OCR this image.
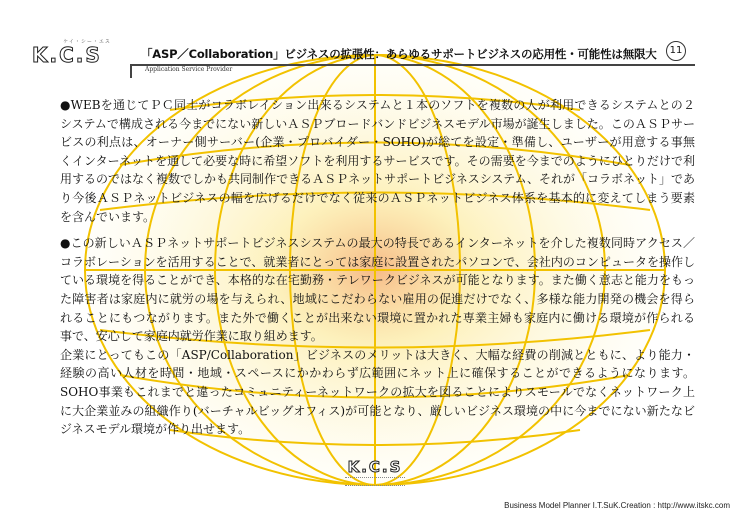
ケイ・シー・エス
K.C.S	「ASP／Collaboration」ビジネスの拡張性：あらゆるサポートビジネスの応用性・可能性は無限大	11
Application Service Provider

●WEBを通じてＰＣ同士がコラボレイション出来るシステムと１本のソフトを複数の人が利用できるシステムとの２システムで構成される今までにない新しいＡＳＰブロードバンドビジネスモデル市場が誕生しました。このＡＳＰサービスの利点は、オーナー側サーバー(企業・プロバイダー・SOHO)が総てを設定・準備し、ユーザーが用意する事無くインターネットを通して必要な時に希望ソフトを利用するサービスです。その需要を今までのようにひとりだけで利用するのではなく複数でしかも共同制作できるＡＳＰネットサポートビジネスシステム、それが「コラボネット」であり今後ＡＳＰネットビジネスの幅を広げるだけでなく従来のＡＳＰネットビジネス体系を基本的に変えてしまう要素を含んでいます。

●この新しいＡＳＰネットサポートビジネスシステムの最大の特長であるインターネットを介した複数同時アクセス／コラボレーションを活用することで、就業者にとっては家庭に設置されたパソコンで、会社内のコンピュータを操作している環境を得ることができ、本格的な在宅勤務・テレワークビジネスが可能となります。また働く意志と能力をもった障害者は家庭内に就労の場を与えられ、地域にこだわらない雇用の促進だけでなく、多様な能力開発の機会を得られることにもつながります。また外で働くことが出来ない環境に置かれた専業主婦も家庭内に働ける環境が作られる事で、安心して家庭内就労作業に取り組めます。

企業にとってもこの「ASP/Collaboration」ビジネスのメリットは大きく、大幅な経費の削減とともに、より能力・経験の高い人材を時間・地域・スペースにかかわらず広範囲にネット上に確保することができるようになります。SOHO事業もこれまでと違ったコミュニティーネットワークの拡大を図ることによりスモールでなくネットワーク上に大企業並みの組織作り(バーチャルビッグオフィス)が可能となり、厳しいビジネス環境の中に今までにない新たなビジネスモデル環境が作り出せます。

K.C.S
Business Model Planner I.T.SuK.Creation : http://www.itskc.com
